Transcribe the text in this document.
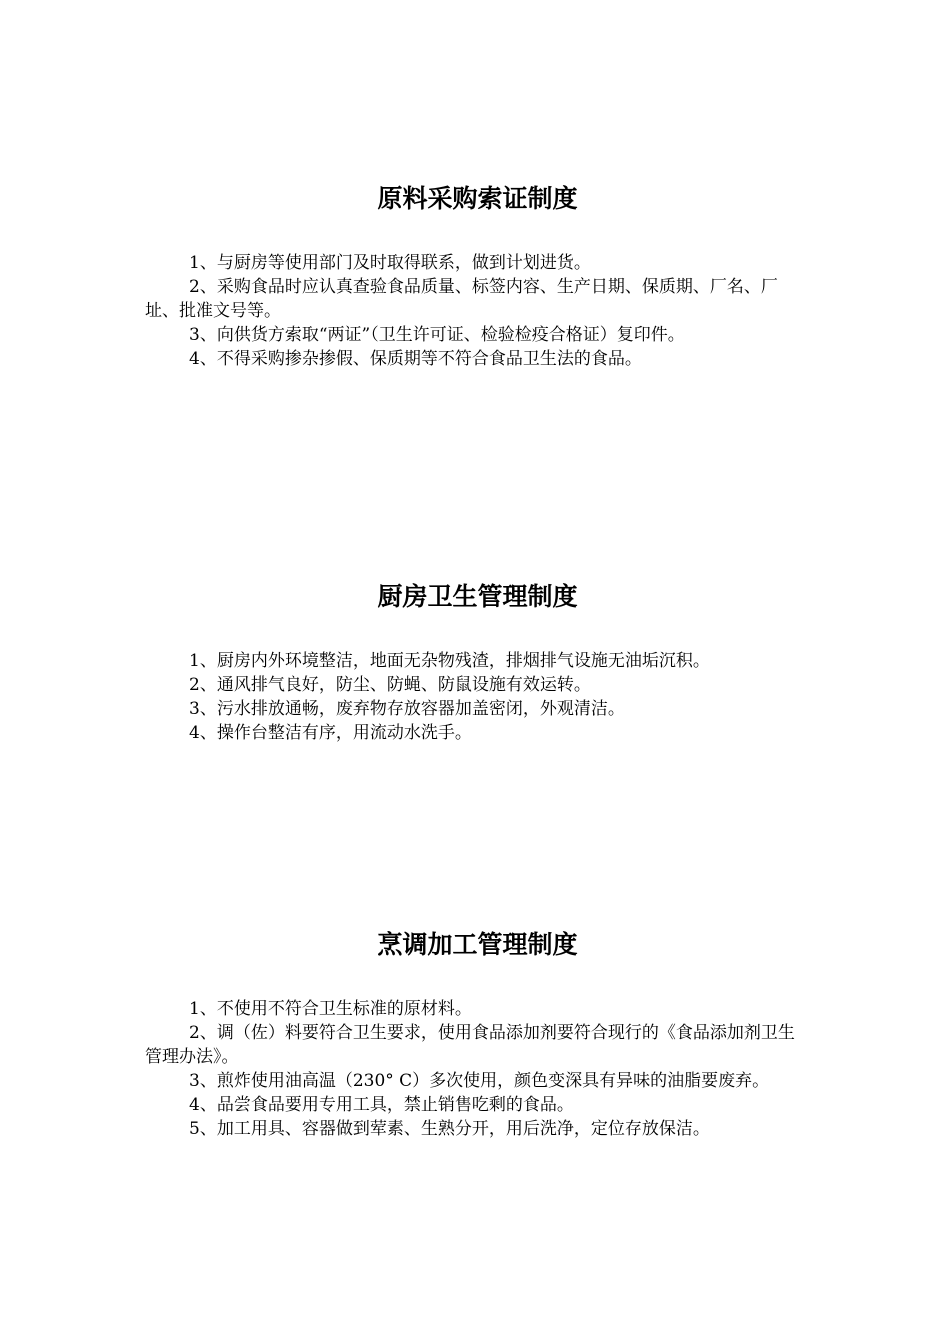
原料采购索证制度

1、与厨房等使用部门及时取得联系，做到计划进货。

2、采购食品时应认真查验食品质量、标签内容、生产日期、保质期、厂名、厂址、批准文号等。

3、向供货方索取“两证”（卫生许可证、检验检疫合格证）复印件。

4、不得采购掺杂掺假、保质期等不符合食品卫生法的食品。

厨房卫生管理制度

1、厨房内外环境整洁，地面无杂物残渣，排烟排气设施无油垢沉积。

2、通风排气良好，防尘、防蝇、防鼠设施有效运转。

3、污水排放通畅，废弃物存放容器加盖密闭，外观清洁。

4、操作台整洁有序，用流动水洗手。

烹调加工管理制度

1、不使用不符合卫生标准的原材料。

2、调（佐）料要符合卫生要求，使用食品添加剂要符合现行的《食品添加剂卫生管理办法》。

3、煎炸使用油高温（230° C）多次使用，颜色变深具有异味的油脂要废弃。

4、品尝食品要用专用工具，禁止销售吃剩的食品。

5、加工用具、容器做到荤素、生熟分开，用后洗净，定位存放保洁。
